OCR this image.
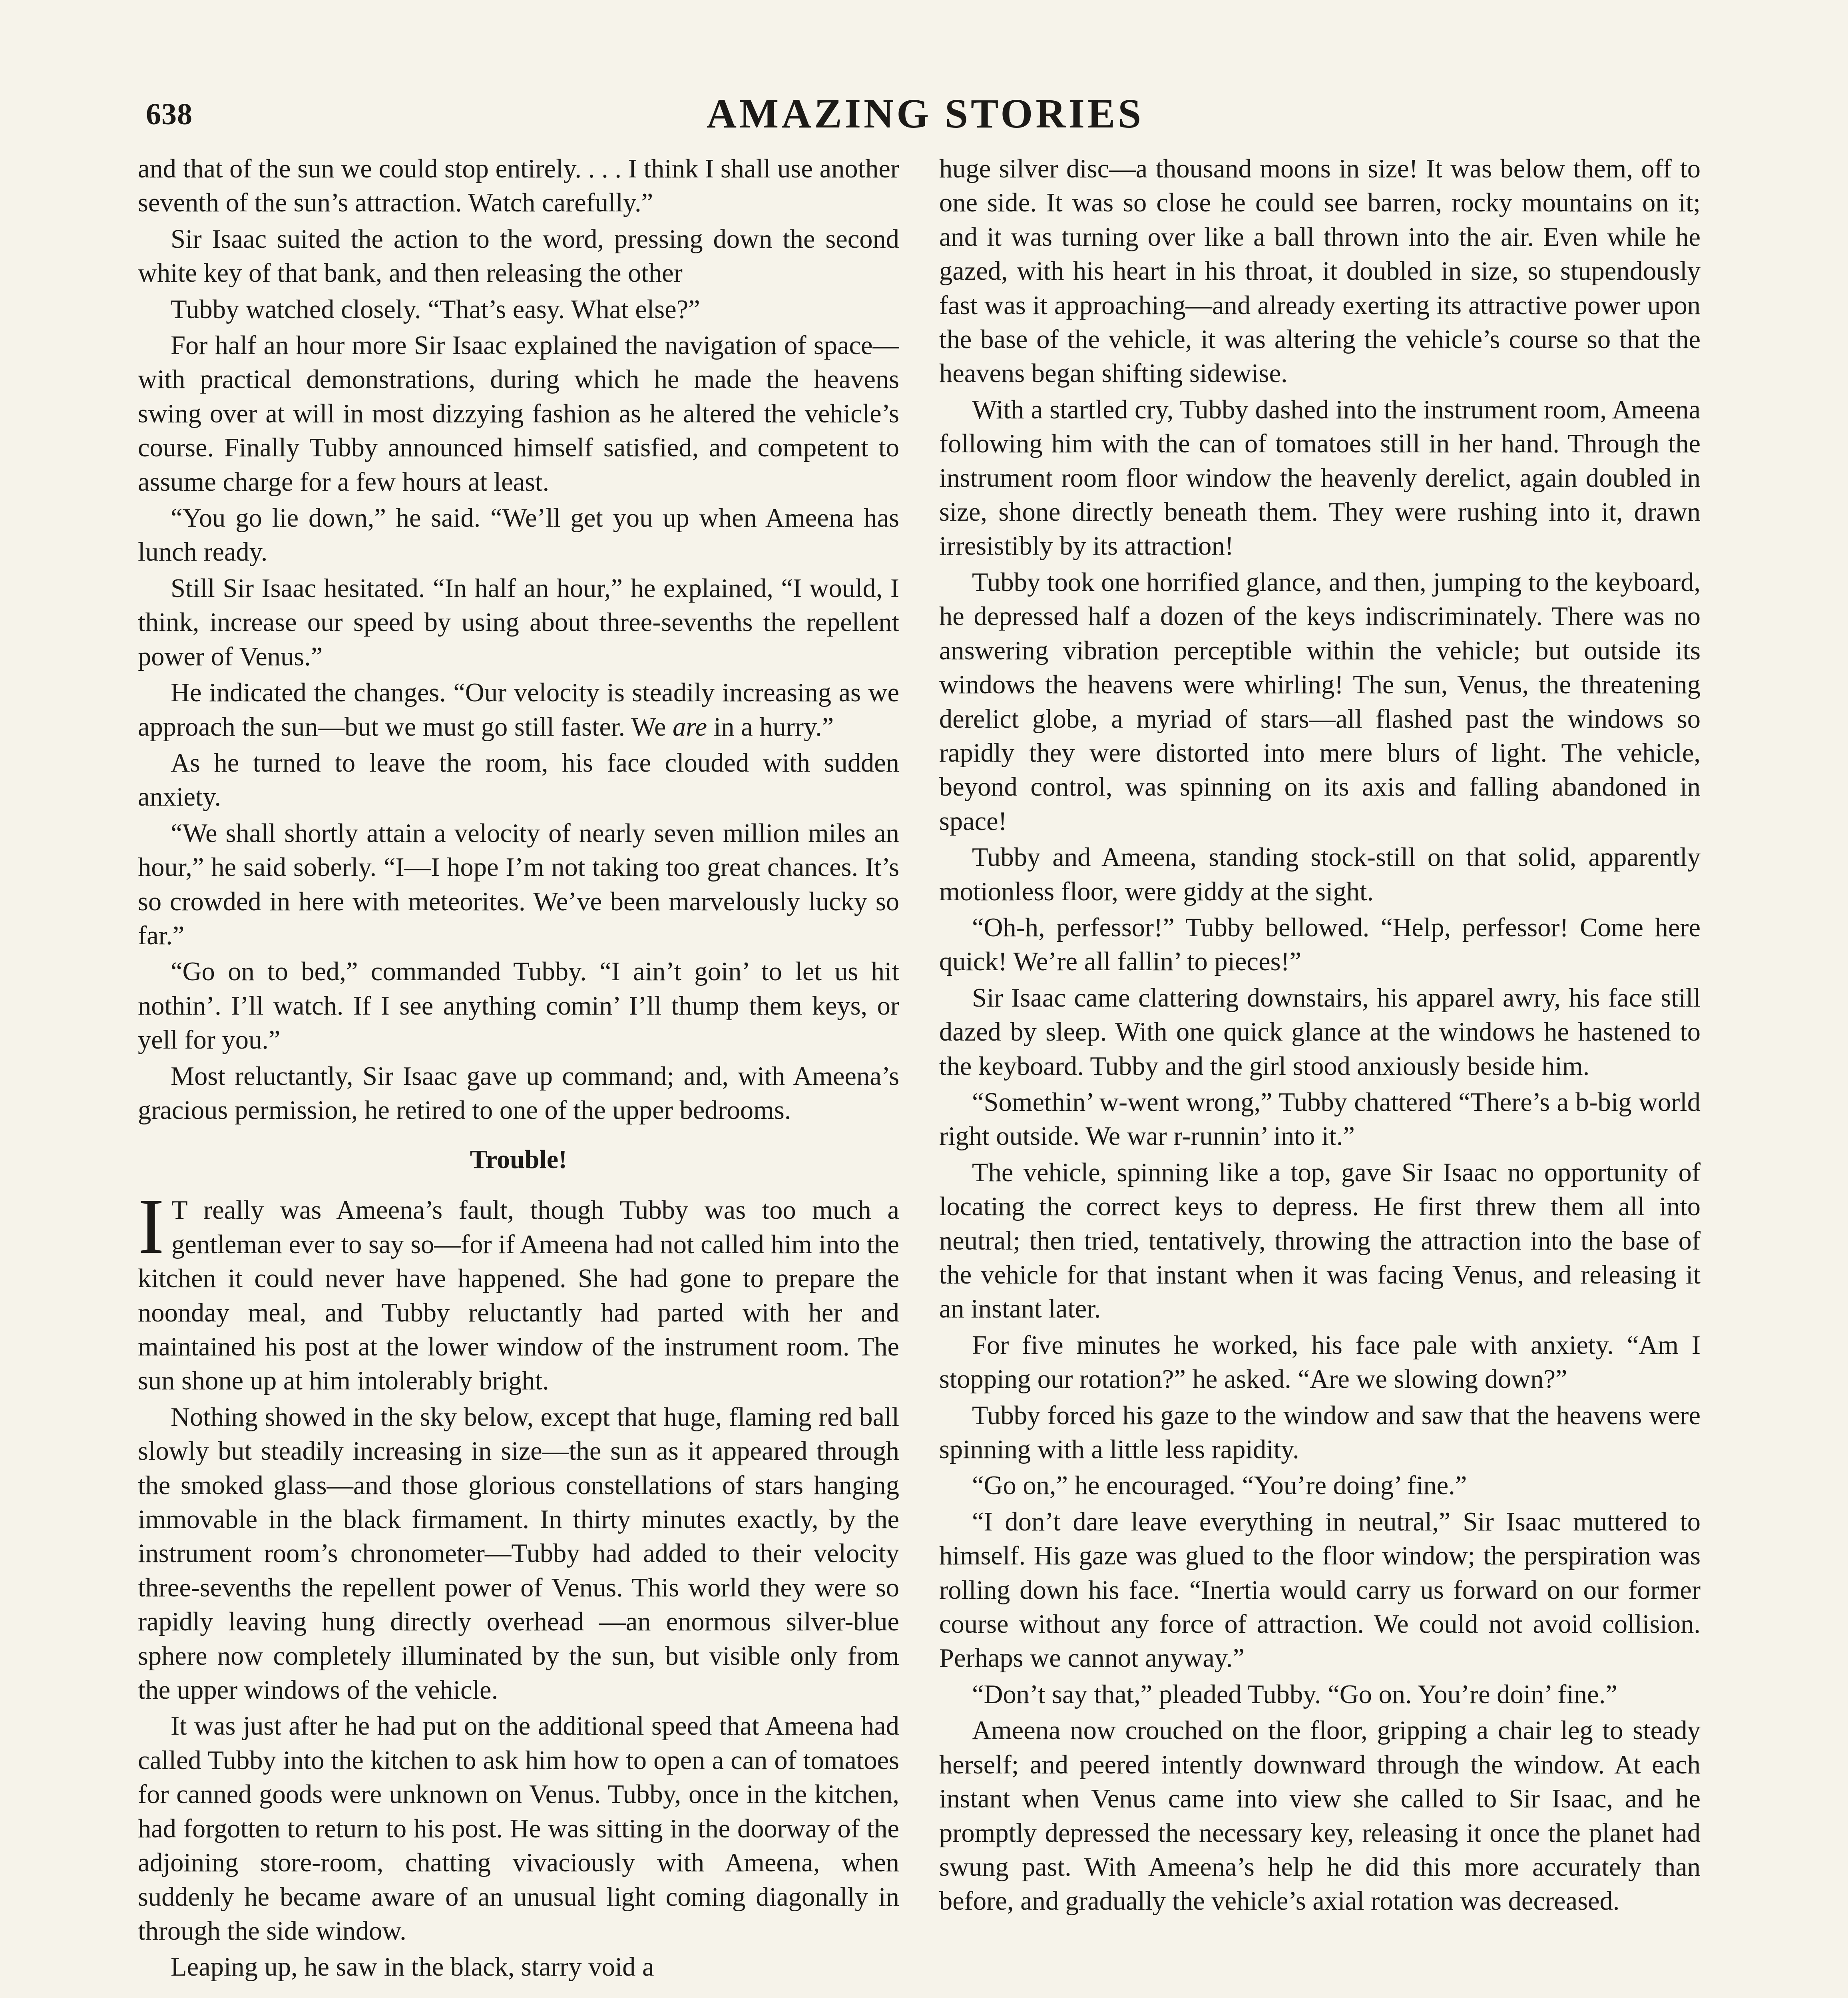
638	AMAZING STORIES

and that of the sun we could stop entirely. . . . I think I shall use another seventh of the sun’s attraction. Watch carefully.”

Sir Isaac suited the action to the word, pressing down the second white key of that bank, and then releasing the other

Tubby watched closely. “That’s easy. What else?”

For half an hour more Sir Isaac explained the navigation of space—with practical demonstrations, during which he made the heavens swing over at will in most dizzying fashion as he altered the vehicle’s course. Finally Tubby announced himself satisfied, and competent to assume charge for a few hours at least.

“You go lie down,” he said. “We’ll get you up when Ameena has lunch ready.

Still Sir Isaac hesitated. “In half an hour,” he explained, “I would, I think, increase our speed by using about three-sevenths the repellent power of Venus.”

He indicated the changes. “Our velocity is steadily increasing as we approach the sun—but we must go still faster. We are in a hurry.”

As he turned to leave the room, his face clouded with sudden anxiety.

“We shall shortly attain a velocity of nearly seven million miles an hour,” he said soberly. “I—I hope I’m not taking too great chances. It’s so crowded in here with meteorites. We’ve been marvelously lucky so far.”

“Go on to bed,” commanded Tubby. “I ain’t goin’ to let us hit nothin’. I’ll watch. If I see anything comin’ I’ll thump them keys, or yell for you.”

Most reluctantly, Sir Isaac gave up command; and, with Ameena’s gracious permission, he retired to one of the upper bedrooms.

Trouble!

I T really was Ameena’s fault, though Tubby was too much a gentleman ever to say so—for if Ameena had not called him into the kitchen it could never have happened. She had gone to prepare the noonday meal, and Tubby reluctantly had parted with her and maintained his post at the lower window of the instrument room. The sun shone up at him intolerably bright.

Nothing showed in the sky below, except that huge, flaming red ball slowly but steadily increasing in size—the sun as it appeared through the smoked glass—and those glorious constellations of stars hanging immovable in the black firmament. In thirty minutes exactly, by the instrument room’s chronometer—Tubby had added to their velocity three-sevenths the repellent power of Venus. This world they were so rapidly leaving hung directly overhead —an enormous silver-blue sphere now completely illuminated by the sun, but visible only from the upper windows of the vehicle.

It was just after he had put on the additional speed that Ameena had called Tubby into the kitchen to ask him how to open a can of tomatoes for canned goods were unknown on Venus. Tubby, once in the kitchen, had forgotten to return to his post. He was sitting in the doorway of the adjoining store-room, chatting vivaciously with Ameena, when suddenly he became aware of an unusual light coming diagonally in through the side window.

Leaping up, he saw in the black, starry void a

huge silver disc—a thousand moons in size! It was below them, off to one side. It was so close he could see barren, rocky mountains on it; and it was turning over like a ball thrown into the air. Even while he gazed, with his heart in his throat, it doubled in size, so stupendously fast was it approaching—and already exerting its attractive power upon the base of the vehicle, it was altering the vehicle’s course so that the heavens began shifting sidewise.

With a startled cry, Tubby dashed into the instrument room, Ameena following him with the can of tomatoes still in her hand. Through the instrument room floor window the heavenly derelict, again doubled in size, shone directly beneath them. They were rushing into it, drawn irresistibly by its attraction!

Tubby took one horrified glance, and then, jumping to the keyboard, he depressed half a dozen of the keys indiscriminately. There was no answering vibration perceptible within the vehicle; but outside its windows the heavens were whirling! The sun, Venus, the threatening derelict globe, a myriad of stars—all flashed past the windows so rapidly they were distorted into mere blurs of light. The vehicle, beyond control, was spinning on its axis and falling abandoned in space!

Tubby and Ameena, standing stock-still on that solid, apparently motionless floor, were giddy at the sight.

“Oh-h, perfessor!” Tubby bellowed. “Help, perfessor! Come here quick! We’re all fallin’ to pieces!”

Sir Isaac came clattering downstairs, his apparel awry, his face still dazed by sleep. With one quick glance at the windows he hastened to the keyboard. Tubby and the girl stood anxiously beside him.

“Somethin’ w-went wrong,” Tubby chattered “There’s a b-big world right outside. We war r-runnin’ into it.”

The vehicle, spinning like a top, gave Sir Isaac no opportunity of locating the correct keys to depress. He first threw them all into neutral; then tried, tentatively, throwing the attraction into the base of the vehicle for that instant when it was facing Venus, and releasing it an instant later.

For five minutes he worked, his face pale with anxiety. “Am I stopping our rotation?” he asked. “Are we slowing down?”

Tubby forced his gaze to the window and saw that the heavens were spinning with a little less rapidity.

“Go on,” he encouraged. “You’re doing’ fine.”

“I don’t dare leave everything in neutral,” Sir Isaac muttered to himself. His gaze was glued to the floor window; the perspiration was rolling down his face. “Inertia would carry us forward on our former course without any force of attraction. We could not avoid collision. Perhaps we cannot anyway.”

“Don’t say that,” pleaded Tubby. “Go on. You’re doin’ fine.”

Ameena now crouched on the floor, gripping a chair leg to steady herself; and peered intently downward through the window. At each instant when Venus came into view she called to Sir Isaac, and he promptly depressed the necessary key, releasing it once the planet had swung past. With Ameena’s help he did this more accurately than before, and gradually the vehicle’s axial rotation was decreased.
